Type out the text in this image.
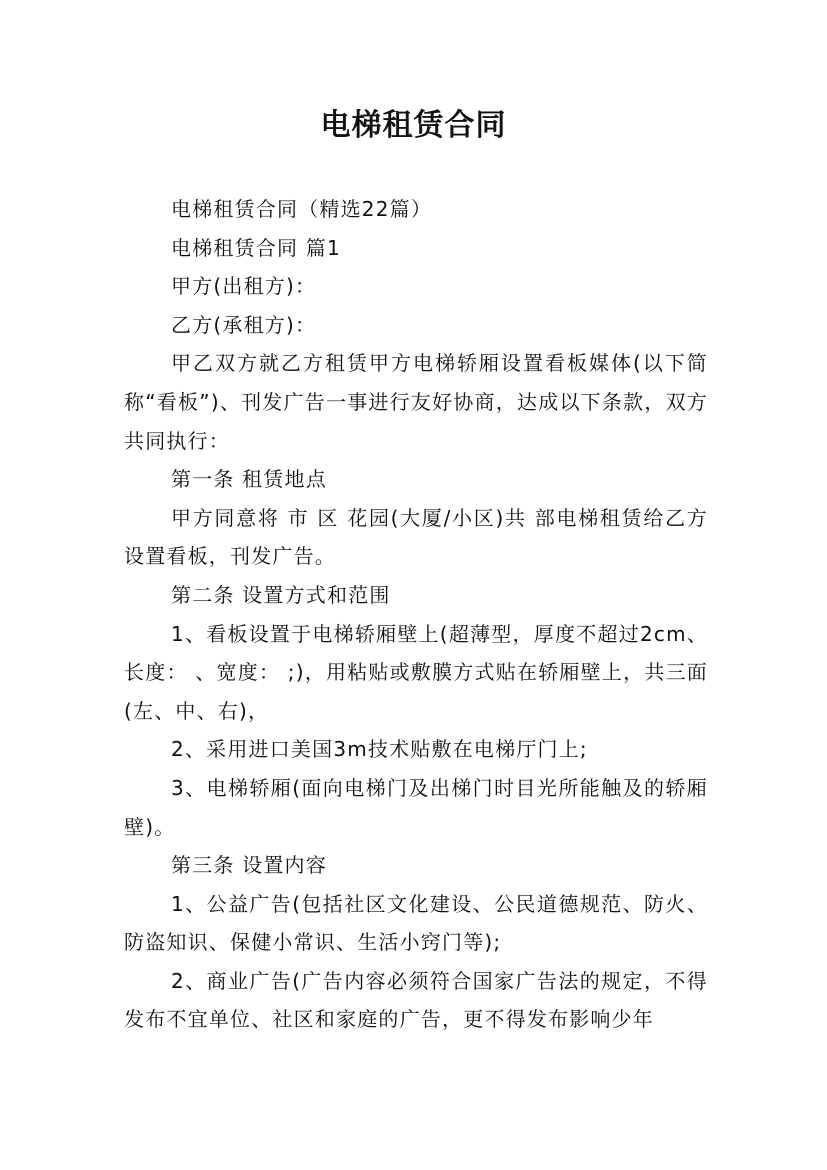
电梯租赁合同

电梯租赁合同（精选22篇）

电梯租赁合同 篇1

甲方(出租方)：

乙方(承租方)：

甲乙双方就乙方租赁甲方电梯轿厢设置看板媒体(以下简称“看板”)、刊发广告一事进行友好协商，达成以下条款，双方共同执行：

第一条 租赁地点

甲方同意将 市 区 花园(大厦/小区)共 部电梯租赁给乙方设置看板，刊发广告。

第二条 设置方式和范围

1、看板设置于电梯轿厢壁上(超薄型，厚度不超过2cm、长度： 、宽度： ;)，用粘贴或敷膜方式贴在轿厢壁上，共三面(左、中、右)，

2、采用进口美国3m技术贴敷在电梯厅门上;

3、电梯轿厢(面向电梯门及出梯门时目光所能触及的轿厢壁)。

第三条 设置内容

1、公益广告(包括社区文化建设、公民道德规范、防火、防盗知识、保健小常识、生活小窍门等);

2、商业广告(广告内容必须符合国家广告法的规定，不得发布不宜单位、社区和家庭的广告，更不得发布影响少年
